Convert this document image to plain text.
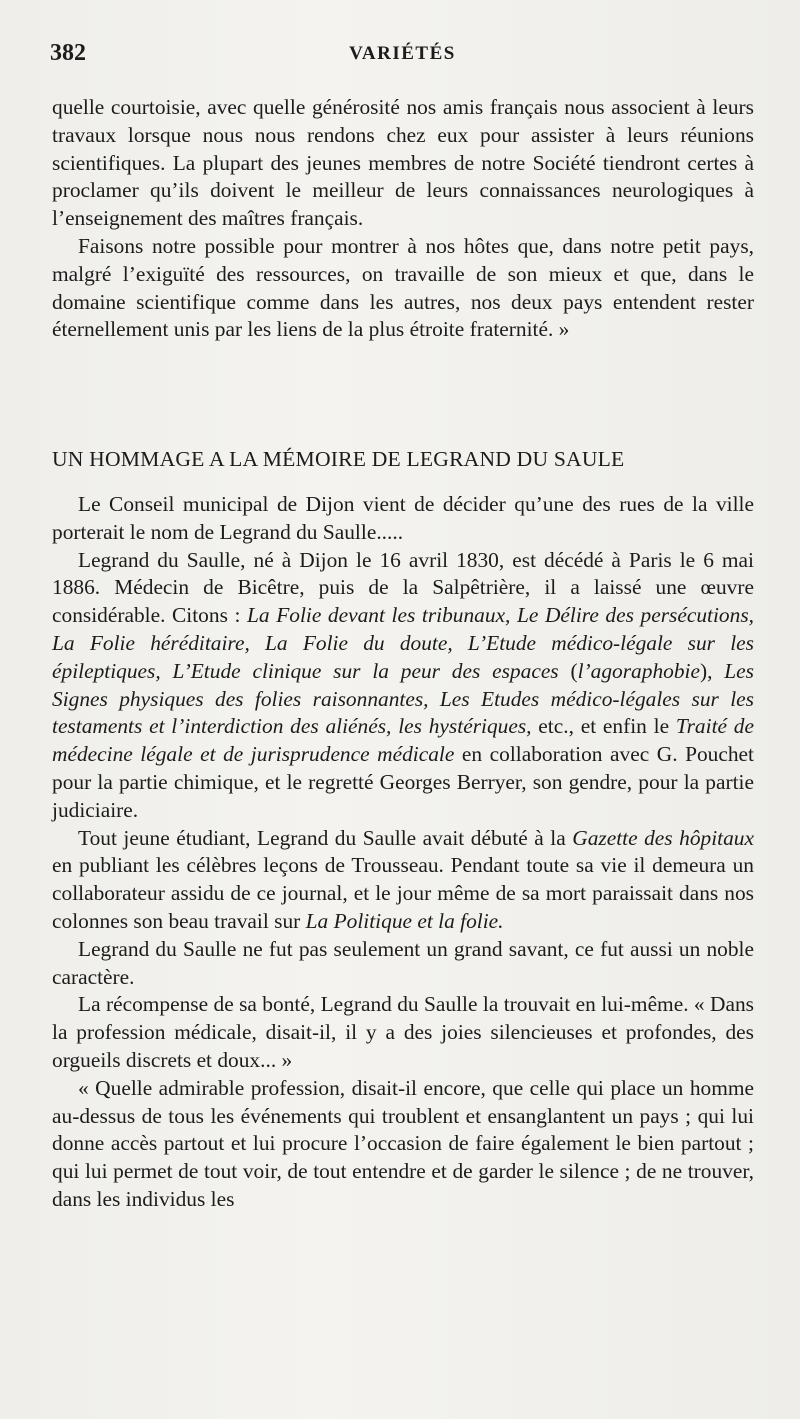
382	VARIÉTÉS

quelle courtoisie, avec quelle générosité nos amis français nous associent à leurs travaux lorsque nous nous rendons chez eux pour assister à leurs réunions scientifiques. La plupart des jeunes membres de notre Société tiendront certes à proclamer qu’ils doivent le meilleur de leurs connaissances neurologiques à l’enseignement des maîtres français.

Faisons notre possible pour montrer à nos hôtes que, dans notre petit pays, malgré l’exiguïté des ressources, on travaille de son mieux et que, dans le domaine scientifique comme dans les autres, nos deux pays entendent rester éternellement unis par les liens de la plus étroite fraternité. »

UN HOMMAGE A LA MÉMOIRE DE LEGRAND DU SAULE

Le Conseil municipal de Dijon vient de décider qu’une des rues de la ville porterait le nom de Legrand du Saulle.....

Legrand du Saulle, né à Dijon le 16 avril 1830, est décédé à Paris le 6 mai 1886. Médecin de Bicêtre, puis de la Salpêtrière, il a laissé une œuvre considérable. Citons : La Folie devant les tribunaux, Le Délire des persécutions, La Folie héréditaire, La Folie du doute, L’Etude médico-légale sur les épileptiques, L’Etude clinique sur la peur des espaces (l’agoraphobie), Les Signes physiques des folies raisonnantes, Les Etudes médico-légales sur les testaments et l’interdiction des aliénés, les hystériques, etc., et enfin le Traité de médecine légale et de jurisprudence médicale en collaboration avec G. Pouchet pour la partie chimique, et le regretté Georges Berryer, son gendre, pour la partie judiciaire.

Tout jeune étudiant, Legrand du Saulle avait débuté à la Gazette des hôpitaux en publiant les célèbres leçons de Trousseau. Pendant toute sa vie il demeura un collaborateur assidu de ce journal, et le jour même de sa mort paraissait dans nos colonnes son beau travail sur La Politique et la folie.

Legrand du Saulle ne fut pas seulement un grand savant, ce fut aussi un noble caractère.

La récompense de sa bonté, Legrand du Saulle la trouvait en lui-même. « Dans la profession médicale, disait-il, il y a des joies silencieuses et profondes, des orgueils discrets et doux... »

« Quelle admirable profession, disait-il encore, que celle qui place un homme au-dessus de tous les événements qui troublent et ensanglantent un pays ; qui lui donne accès partout et lui procure l’occasion de faire également le bien partout ; qui lui permet de tout voir, de tout entendre et de garder le silence ; de ne trouver, dans les individus les
